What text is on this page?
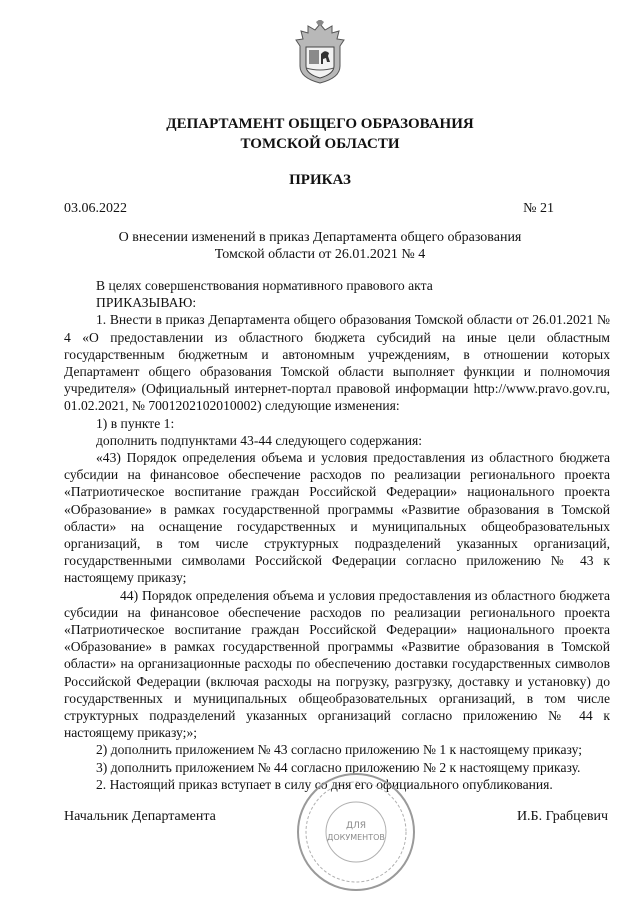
ДЕПАРТАМЕНТ ОБЩЕГО ОБРАЗОВАНИЯ
ТОМСКОЙ ОБЛАСТИ
ПРИКАЗ
03.06.2022	№ 21
О внесении изменений в приказ Департамента общего образования
Томской области от 26.01.2021 № 4

В целях совершенствования нормативного правового акта

ПРИКАЗЫВАЮ:

1. Внести в приказ Департамента общего образования Томской области от 26.01.2021 № 4 «О предоставлении из областного бюджета субсидий на иные цели областным государственным бюджетным и автономным учреждениям, в отношении которых Департамент общего образования Томской области выполняет функции и полномочия учредителя» (Официальный интернет-портал правовой информации http://www.pravo.gov.ru, 01.02.2021, № 7001202102010002) следующие изменения:

1) в пункте 1:

дополнить подпунктами 43-44 следующего содержания:

«43) Порядок определения объема и условия предоставления из областного бюджета субсидии на финансовое обеспечение расходов по реализации регионального проекта «Патриотическое воспитание граждан Российской Федерации» национального проекта «Образование» в рамках государственной программы «Развитие образования в Томской области» на оснащение государственных и муниципальных общеобразовательных организаций, в том числе структурных подразделений указанных организаций, государственными символами Российской Федерации согласно приложению № 43 к настоящему приказу;

44) Порядок определения объема и условия предоставления из областного бюджета субсидии на финансовое обеспечение расходов по реализации регионального проекта «Патриотическое воспитание граждан Российской Федерации» национального проекта «Образование» в рамках государственной программы «Развитие образования в Томской области» на организационные расходы по обеспечению доставки государственных символов Российской Федерации (включая расходы на погрузку, разгрузку, доставку и установку) до государственных и муниципальных общеобразовательных организаций, в том числе структурных подразделений указанных организаций согласно приложению № 44 к настоящему приказу;»;

2) дополнить приложением № 43 согласно приложению № 1 к настоящему приказу;

3) дополнить приложением № 44 согласно приложению № 2 к настоящему приказу.

2. Настоящий приказ вступает в силу со дня его официального опубликования.

ДЛЯ
ДОКУМЕНТОВ
Начальник Департамента	И.Б. Грабцевич
